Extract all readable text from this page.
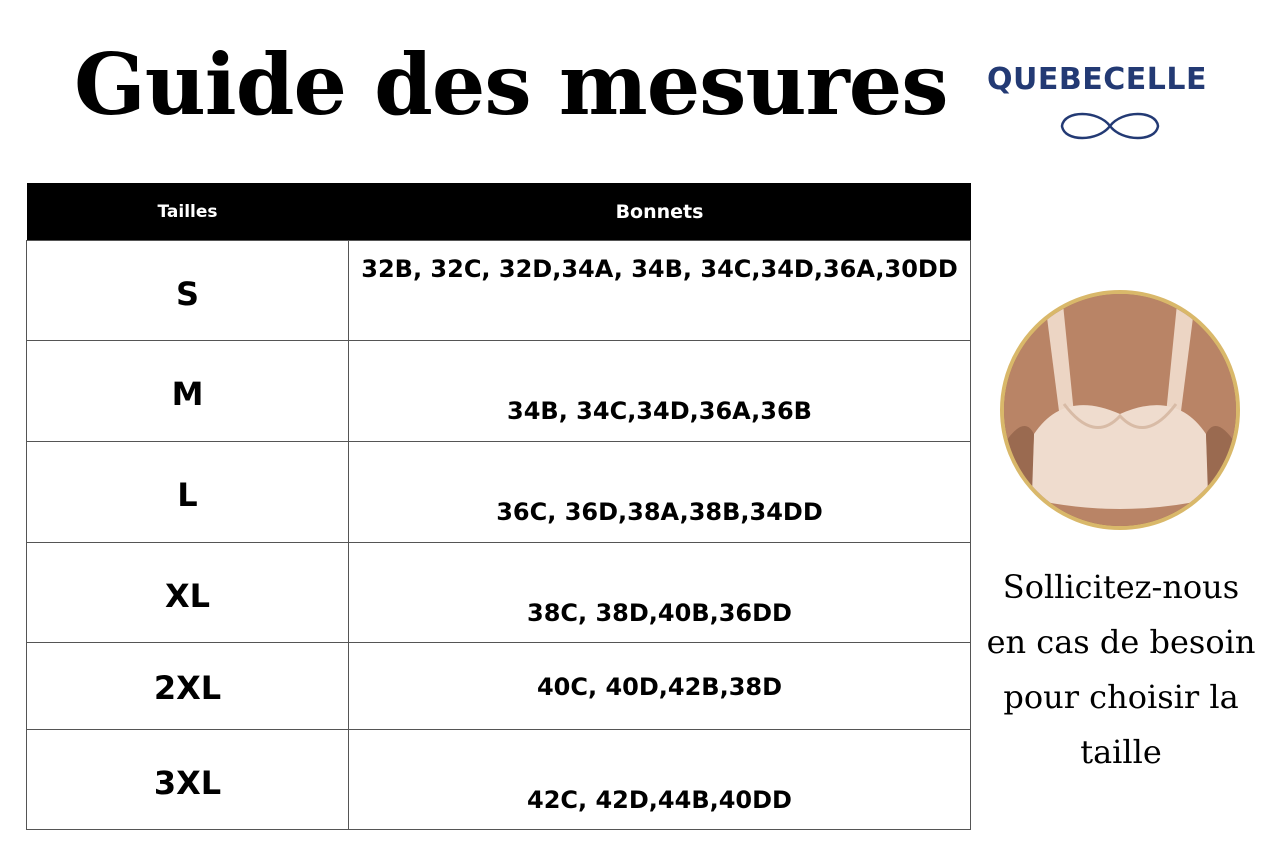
Guide des mesures QUEBECELLE
Tailles	Bonnets

S	32B, 32C, 32D,34A, 34B, 34C,34D,36A,30DD

M	34B, 34C,34D,36A,36B

L	36C, 36D,38A,38B,34DD

XL	38C, 38D,40B,36DD

2XL	40C, 40D,42B,38D

3XL	42C, 42D,44B,40DD
Sollicitez-nous en cas de besoin pour choisir la taille
